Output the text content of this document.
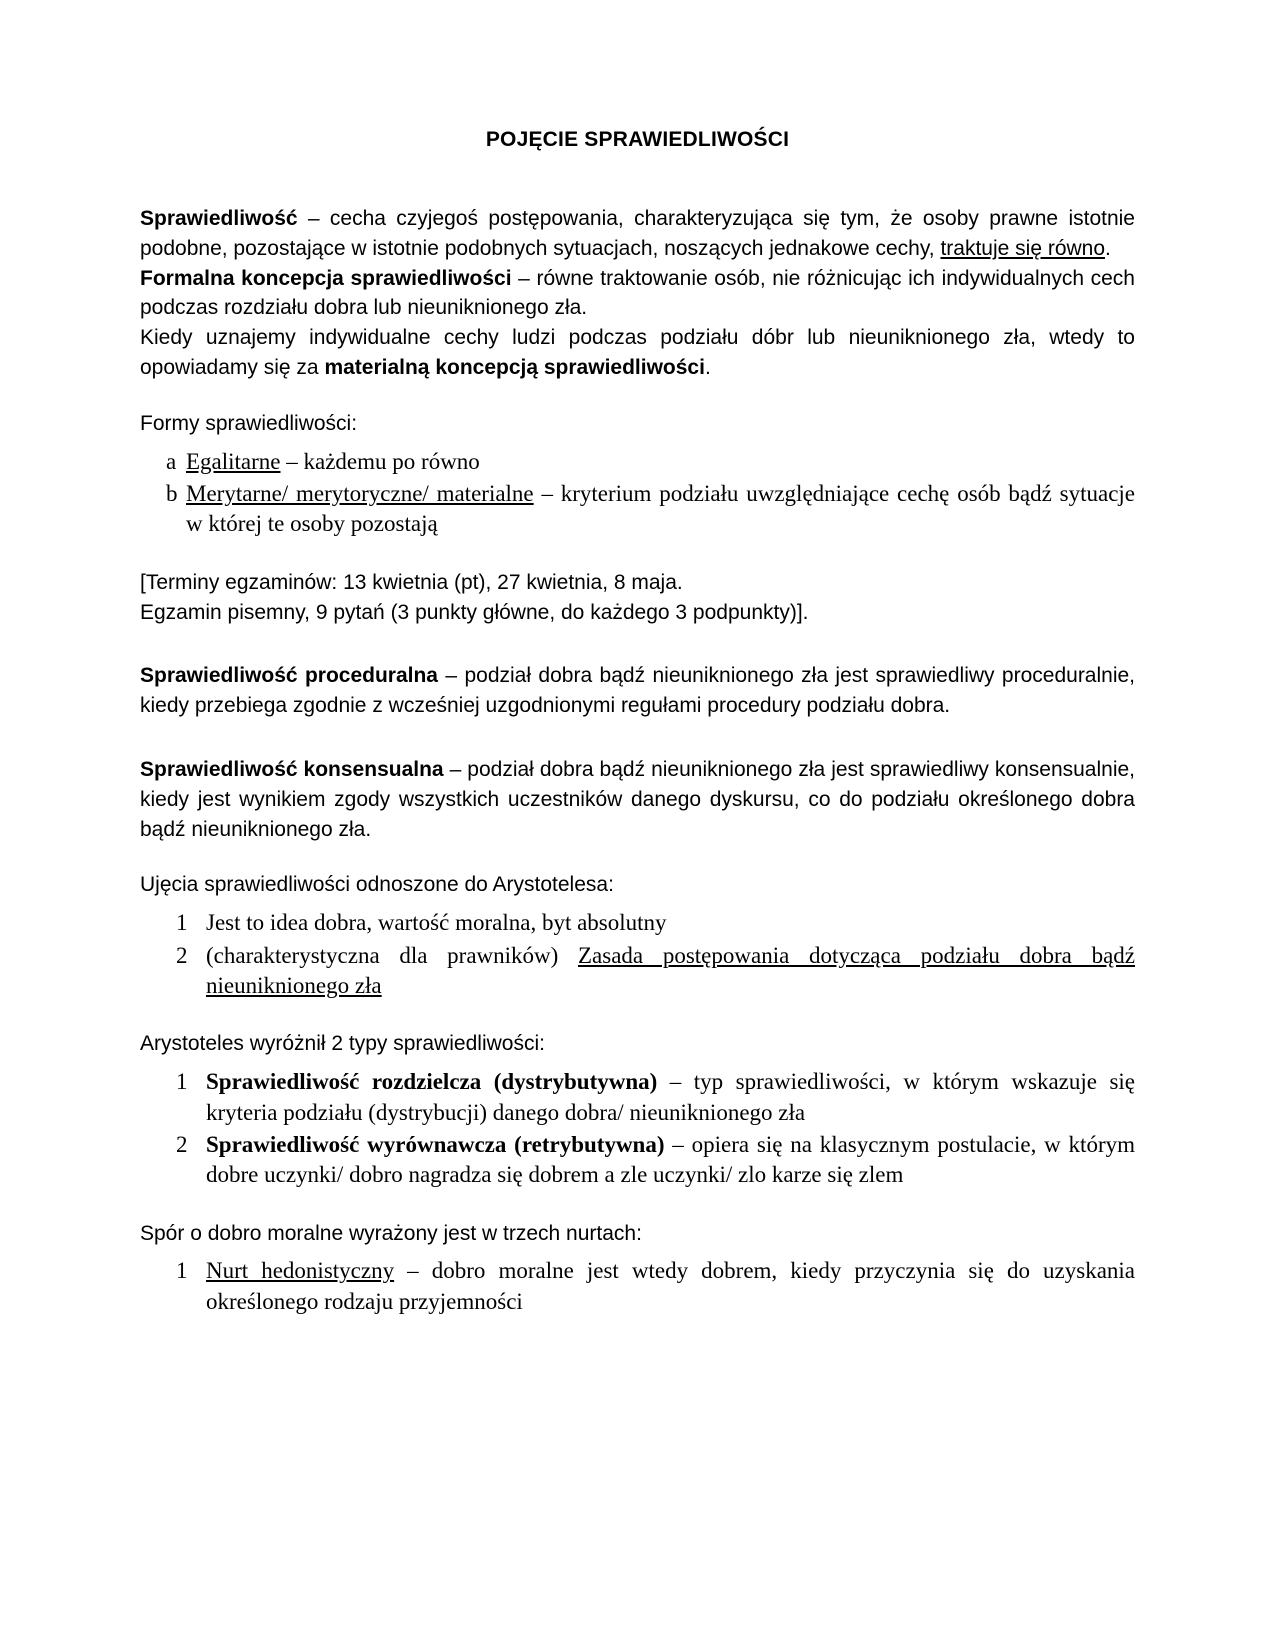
POJĘCIE SPRAWIEDLIWOŚCI

Sprawiedliwość – cecha czyjegoś postępowania, charakteryzująca się tym, że osoby prawne istotnie podobne, pozostające w istotnie podobnych sytuacjach, noszących jednakowe cechy, traktuje się równo.

Formalna koncepcja sprawiedliwości – równe traktowanie osób, nie różnicując ich indywidualnych cech podczas rozdziału dobra lub nieuniknionego zła.

Kiedy uznajemy indywidualne cechy ludzi podczas podziału dóbr lub nieuniknionego zła, wtedy to opowiadamy się za materialną koncepcją sprawiedliwości.

Formy sprawiedliwości:

a Egalitarne – każdemu po równo
b Merytarne/ merytoryczne/ materialne – kryterium podziału uwzględniające cechę osób bądź sytuacje w której te osoby pozostają

[Terminy egzaminów: 13 kwietnia (pt), 27 kwietnia, 8 maja.

Egzamin pisemny, 9 pytań (3 punkty główne, do każdego 3 podpunkty)].

Sprawiedliwość proceduralna – podział dobra bądź nieuniknionego zła jest sprawiedliwy proceduralnie, kiedy przebiega zgodnie z wcześniej uzgodnionymi regułami procedury podziału dobra.

Sprawiedliwość konsensualna – podział dobra bądź nieuniknionego zła jest sprawiedliwy konsensualnie, kiedy jest wynikiem zgody wszystkich uczestników danego dyskursu, co do podziału określonego dobra bądź nieuniknionego zła.

Ujęcia sprawiedliwości odnoszone do Arystotelesa:

1 Jest to idea dobra, wartość moralna, byt absolutny
2 (charakterystyczna dla prawników) Zasada postępowania dotycząca podziału dobra bądź nieuniknionego zła

Arystoteles wyróżnił 2 typy sprawiedliwości:

1 Sprawiedliwość rozdzielcza (dystrybutywna) – typ sprawiedliwości, w którym wskazuje się kryteria podziału (dystrybucji) danego dobra/ nieuniknionego zła
2 Sprawiedliwość wyrównawcza (retrybutywna) – opiera się na klasycznym postulacie, w którym dobre uczynki/ dobro nagradza się dobrem a zle uczynki/ zlo karze się zlem

Spór o dobro moralne wyrażony jest w trzech nurtach:

1 Nurt hedonistyczny – dobro moralne jest wtedy dobrem, kiedy przyczynia się do uzyskania określonego rodzaju przyjemności
